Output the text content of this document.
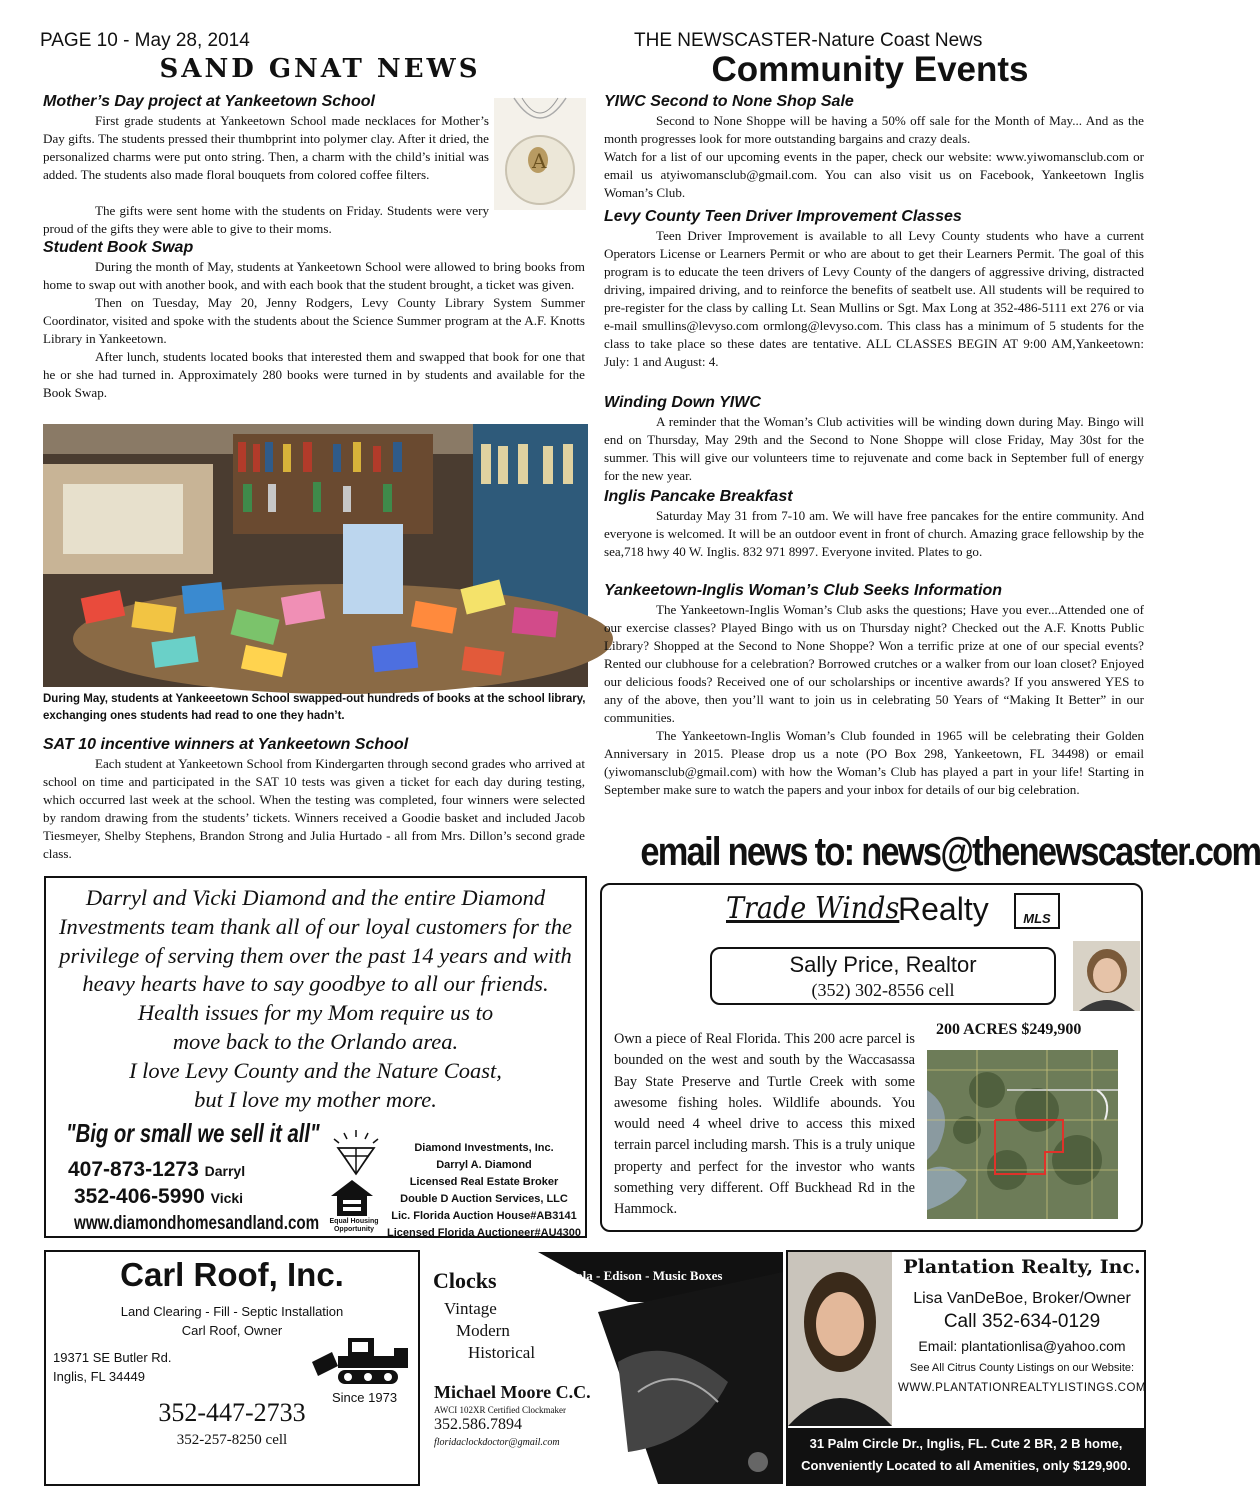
PAGE 10 - May 28, 2014
SAND GNAT NEWS
THE NEWSCASTER-Nature Coast News
Community Events
Mother’s Day project at Yankeetown School
First grade students at Yankeetown School made necklaces for Mother’s Day gifts. The students pressed their thumbprint into polymer clay. After it dried, the personalized charms were put onto string. Then, a charm with the child’s initial was added. The students also made floral bouquets from colored coffee filters.
The gifts were sent home with the students on Friday. Students were very proud of the gifts they were able to give to their moms.
A
Student Book Swap
During the month of May, students at Yankeetown School were allowed to bring books from home to swap out with another book, and with each book that the student brought, a ticket was given.
Then on Tuesday, May 20, Jenny Rodgers, Levy County Library System Summer Coordinator, visited and spoke with the students about the Science Summer program at the A.F. Knotts Library in Yankeetown.
After lunch, students located books that interested them and swapped that book for one that he or she had turned in. Approximately 280 books were turned in by students and available for the Book Swap.
During May, students at Yankeeetown School swapped-out hundreds of books at the school library, exchanging ones students had read to one they hadn’t.
SAT 10 incentive winners at Yankeetown School
Each student at Yankeetown School from Kindergarten through second grades who arrived at school on time and participated in the SAT 10 tests was given a ticket for each day during testing, which occurred last week at the school. When the testing was completed, four winners were selected by random drawing from the students’ tickets. Winners received a Goodie basket and included Jacob Tiesmeyer, Shelby Stephens, Brandon Strong and Julia Hurtado - all from Mrs. Dillon’s second grade class.
YIWC Second to None Shop Sale
Second to None Shoppe will be having a 50% off sale for the Month of May... And as the month progresses look for more outstanding bargains and crazy deals.
Watch for a list of our upcoming events in the paper, check our website: www.yiwomansclub.com or email us atyiwomansclub@gmail.com. You can also visit us on Facebook, Yankeetown Inglis Woman’s Club.
Levy County Teen Driver Improvement Classes
Teen Driver Improvement is available to all Levy County students who have a current Operators License or Learners Permit or who are about to get their Learners Permit. The goal of this program is to educate the teen drivers of Levy County of the dangers of aggressive driving, distracted driving, impaired driving, and to reinforce the benefits of seatbelt use. All students will be required to pre-register for the class by calling Lt. Sean Mullins or Sgt. Max Long at 352-486-5111 ext 276 or via e-mail smullins@levyso.com ormlong@levyso.com. This class has a minimum of 5 students for the class to take place so these dates are tentative. ALL CLASSES BEGIN AT 9:00 AM,Yankeetown: July: 1 and August: 4.
Winding Down YIWC
A reminder that the Woman’s Club activities will be winding down during May. Bingo will end on Thursday, May 29th and the Second to None Shoppe will close Friday, May 30st for the summer. This will give our volunteers time to rejuvenate and come back in September full of energy for the new year.
Inglis Pancake Breakfast
Saturday May 31 from 7-10 am. We will have free pancakes for the entire community. And everyone is welcomed. It will be an outdoor event in front of church. Amazing grace fellowship by the sea,718 hwy 40 W. Inglis. 832 971 8997. Everyone invited. Plates to go.
Yankeetown-Inglis Woman’s Club Seeks Information
The Yankeetown-Inglis Woman’s Club asks the questions; Have you ever...Attended one of our exercise classes? Played Bingo with us on Thursday night? Checked out the A.F. Knotts Public Library? Shopped at the Second to None Shoppe? Won a terrific prize at one of our special events? Rented our clubhouse for a celebration? Borrowed crutches or a walker from our loan closet? Enjoyed our delicious foods? Received one of our scholarships or incentive awards? If you answered YES to any of the above, then you’ll want to join us in celebrating 50 Years of “Making It Better” in our communities.
The Yankeetown-Inglis Woman’s Club founded in 1965 will be celebrating their Golden Anniversary in 2015. Please drop us a note (PO Box 298, Yankeetown, FL 34498) or email (yiwomansclub@gmail.com) with how the Woman’s Club has played a part in your life! Starting in September make sure to watch the papers and your inbox for details of our big celebration.
email news to: news@thenewscaster.com
Darryl and Vicki Diamond and the entire Diamond
Investments team thank all of our loyal customers for the
privilege of serving them over the past 14 years and with
heavy hearts have to say goodbye to all our friends.
Health issues for my Mom require us to
move back to the Orlando area.
I love Levy County and the Nature Coast,
but I love my mother more.
"Big or small we sell it all"
407-873-1273 Darryl
352-406-5990 Vicki
www.diamondhomesandland.com	Equal Housing
Opportunity
Diamond Investments, Inc.
Darryl A. Diamond
Licensed Real Estate Broker
Double D Auction Services, LLC
Lic. Florida Auction House#AB3141
Licensed Florida Auctioneer#AU4300
Trade Winds
Realty	MLS
Sally Price, Realtor
(352) 302-8556 cell
200 ACRES $249,900
Own a piece of Real Florida. This 200 acre parcel is bounded on the west and south by the Waccasassa Bay State Preserve and Turtle Creek with some awesome fishing holes. Wildlife abounds. You would need 4 wheel drive to access this mixed terrain parcel including marsh. This is a truly unique property and perfect for the investor who wants something very different. Off Buckhead Rd in the Hammock.
Carl Roof, Inc.
Land Clearing - Fill - Septic Installation
Carl Roof, Owner
19371 SE Butler Rd.
Inglis, FL 34449
Since 1973
352-447-2733
352-257-8250 cell
Clocks
Vintage
Modern
Historical
Victrola - Edison - Music Boxes
Michael Moore C.C.
AWCI 102XR Certified Clockmaker
352.586.7894
floridaclockdoctor@gmail.com
Plantation Realty, Inc.
Lisa VanDeBoe, Broker/Owner
Call 352-634-0129
Email: plantationlisa@yahoo.com
See All Citrus County Listings on our Website:
WWW.PLANTATIONREALTYLISTINGS.COM
31 Palm Circle Dr., Inglis, FL. Cute 2 BR, 2 B home,
Conveniently Located to all Amenities, only $129,900.
